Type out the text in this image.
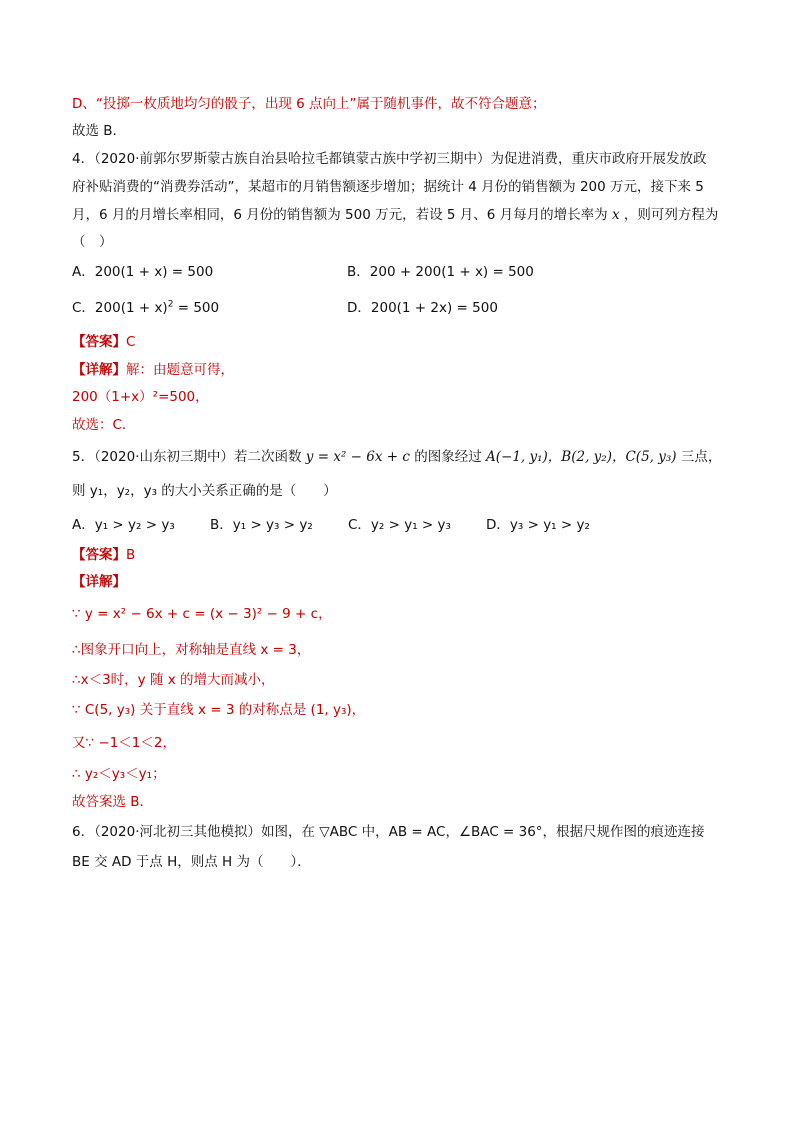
D、“投掷一枚质地均匀的骰子，出现 6 点向上”属于随机事件，故不符合题意；
故选 B．
4．（2020·前郭尔罗斯蒙古族自治县哈拉毛都镇蒙古族中学初三期中）为促进消费，重庆市政府开展发放政
府补贴消费的“消费券活动”，某超市的月销售额逐步增加；据统计 4 月份的销售额为 200 万元，接下来 5
月，6 月的月增长率相同，6 月份的销售额为 500 万元，若设 5 月、6 月每月的增长率为 x ，则可列方程为
（　）
A．200(1 + x) = 500	B．200 + 200(1 + x) = 500
C．$200(1 + x)^2 = 500$	D．200(1 + 2x) = 500
【答案】C
【详解】解：由题意可得，
200（1+x）²=500，
故选：C．
5．（2020·山东初三期中）若二次函数 y = x² − 6x + c 的图象经过 A(−1, y₁)，B(2, y₂)，C(5, y₃) 三点，
则 y₁，y₂，y₃ 的大小关系正确的是（　　）
A．y₁ > y₂ > y₃	B．y₁ > y₃ > y₂	C．y₂ > y₁ > y₃	D．y₃ > y₁ > y₂
【答案】B
【详解】
∵ y = x² − 6x + c = (x − 3)² − 9 + c，
∴图象开口向上，对称轴是直线 x = 3，
∴x＜3时，y 随 x 的增大而减小，
∵ C(5, y₃) 关于直线 x = 3 的对称点是 (1, y₃)，
又∵ −1＜1＜2，
∴ y₂＜y₃＜y₁；
故答案选 B．
6．（2020·河北初三其他模拟）如图，在 ▽ABC 中，AB = AC，∠BAC = 36°，根据尺规作图的痕迹连接
BE 交 AD 于点 H，则点 H 为（　　）．
